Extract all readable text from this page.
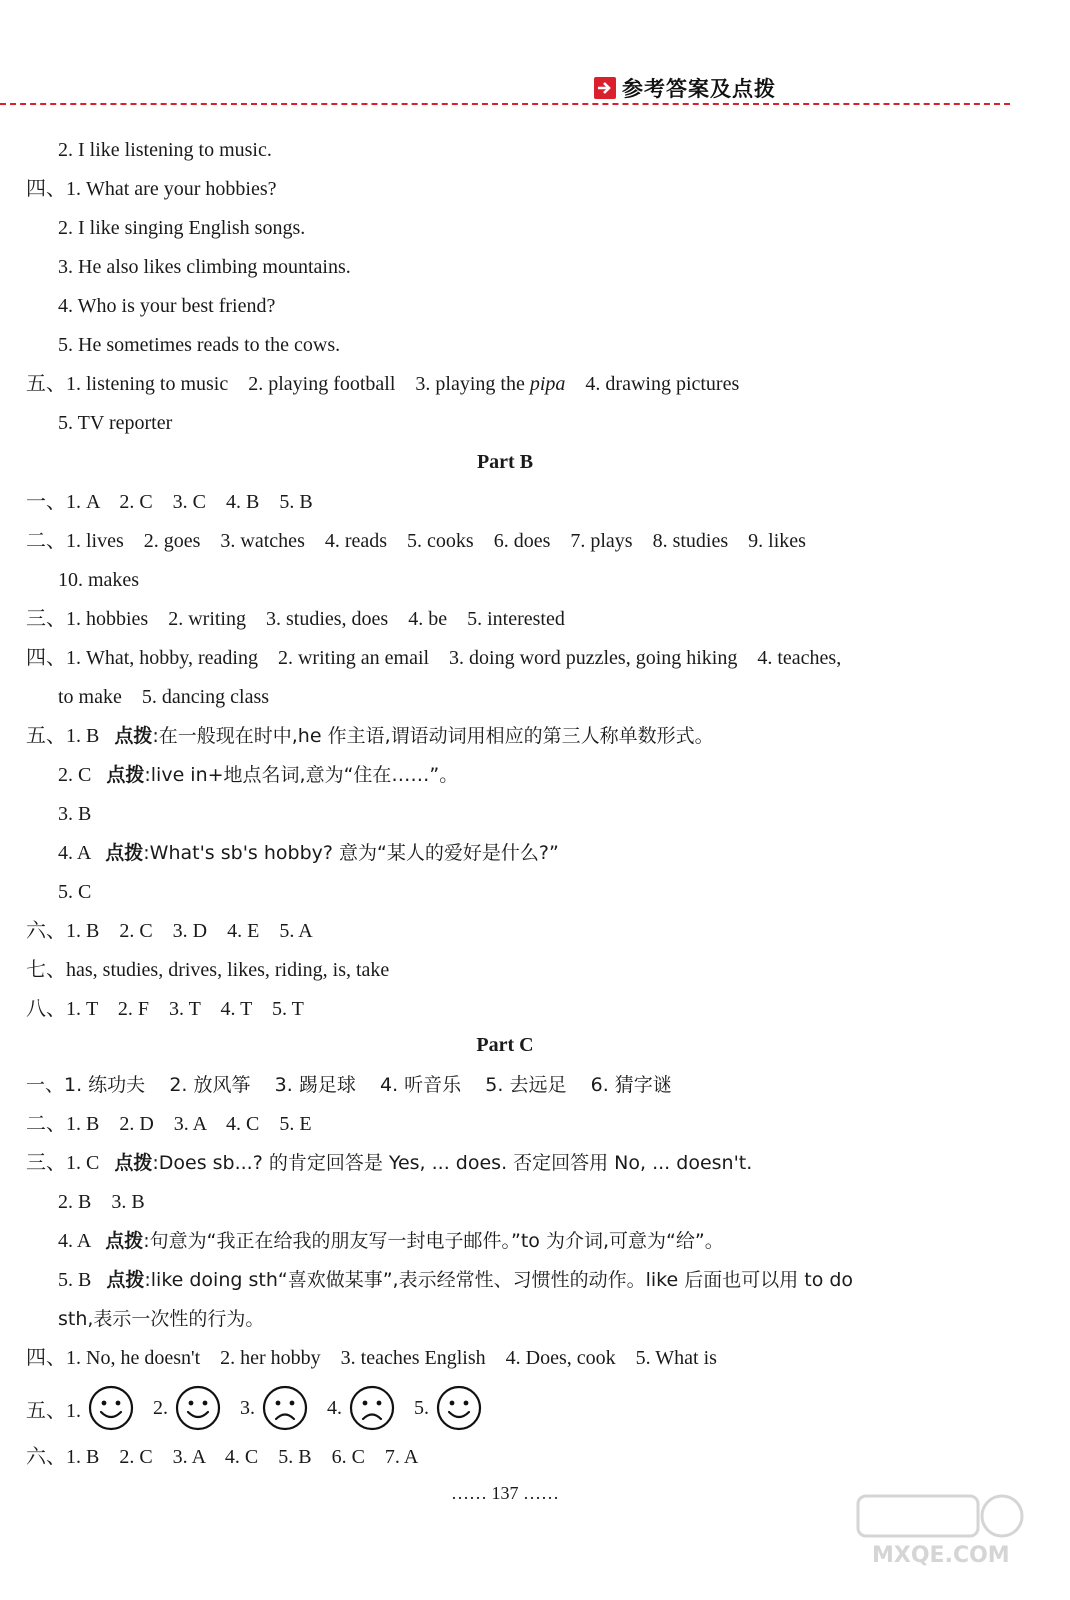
参考答案及点拨
2. I like listening to music.
四、1. What are your hobbies?
2. I like singing English songs.
3. He also likes climbing mountains.
4. Who is your best friend?
5. He sometimes reads to the cows.
五、1. listening to music    2. playing football    3. playing the pipa    4. drawing pictures
5. TV reporter
Part B
一、1. A    2. C    3. C    4. B    5. B
二、1. lives    2. goes    3. watches    4. reads    5. cooks    6. does    7. plays    8. studies    9. likes
10. makes
三、1. hobbies    2. writing    3. studies, does    4. be    5. interested
四、1. What, hobby, reading    2. writing an email    3. doing word puzzles, going hiking    4. teaches,
to make    5. dancing class
五、1. B   点拨:在一般现在时中,he 作主语,谓语动词用相应的第三人称单数形式。
2. C   点拨:live in+地点名词,意为“住在……”。
3. B
4. A   点拨:What's sb's hobby? 意为“某人的爱好是什么?”
5. C
六、1. B    2. C    3. D    4. E    5. A
七、has, studies, drives, likes, riding, is, take
八、1. T    2. F    3. T    4. T    5. T
Part C
一、1. 练功夫    2. 放风筝    3. 踢足球    4. 听音乐    5. 去远足    6. 猜字谜
二、1. B    2. D    3. A    4. C    5. E
三、1. C   点拨:Does sb...? 的肯定回答是 Yes, ... does. 否定回答用 No, ... doesn't.
2. B    3. B
4. A   点拨:句意为“我正在给我的朋友写一封电子邮件。”to 为介词,可意为“给”。
5. B   点拨:like doing sth“喜欢做某事”,表示经常性、习惯性的动作。like 后面也可以用 to do
sth,表示一次性的行为。
四、1. No, he doesn't    2. her hobby    3. teaches English    4. Does, cook    5. What is
五、1.	2.	3.	4.	5.
六、1. B    2. C    3. A    4. C    5. B    6. C    7. A
…… 137 ……
MXQE.COM
